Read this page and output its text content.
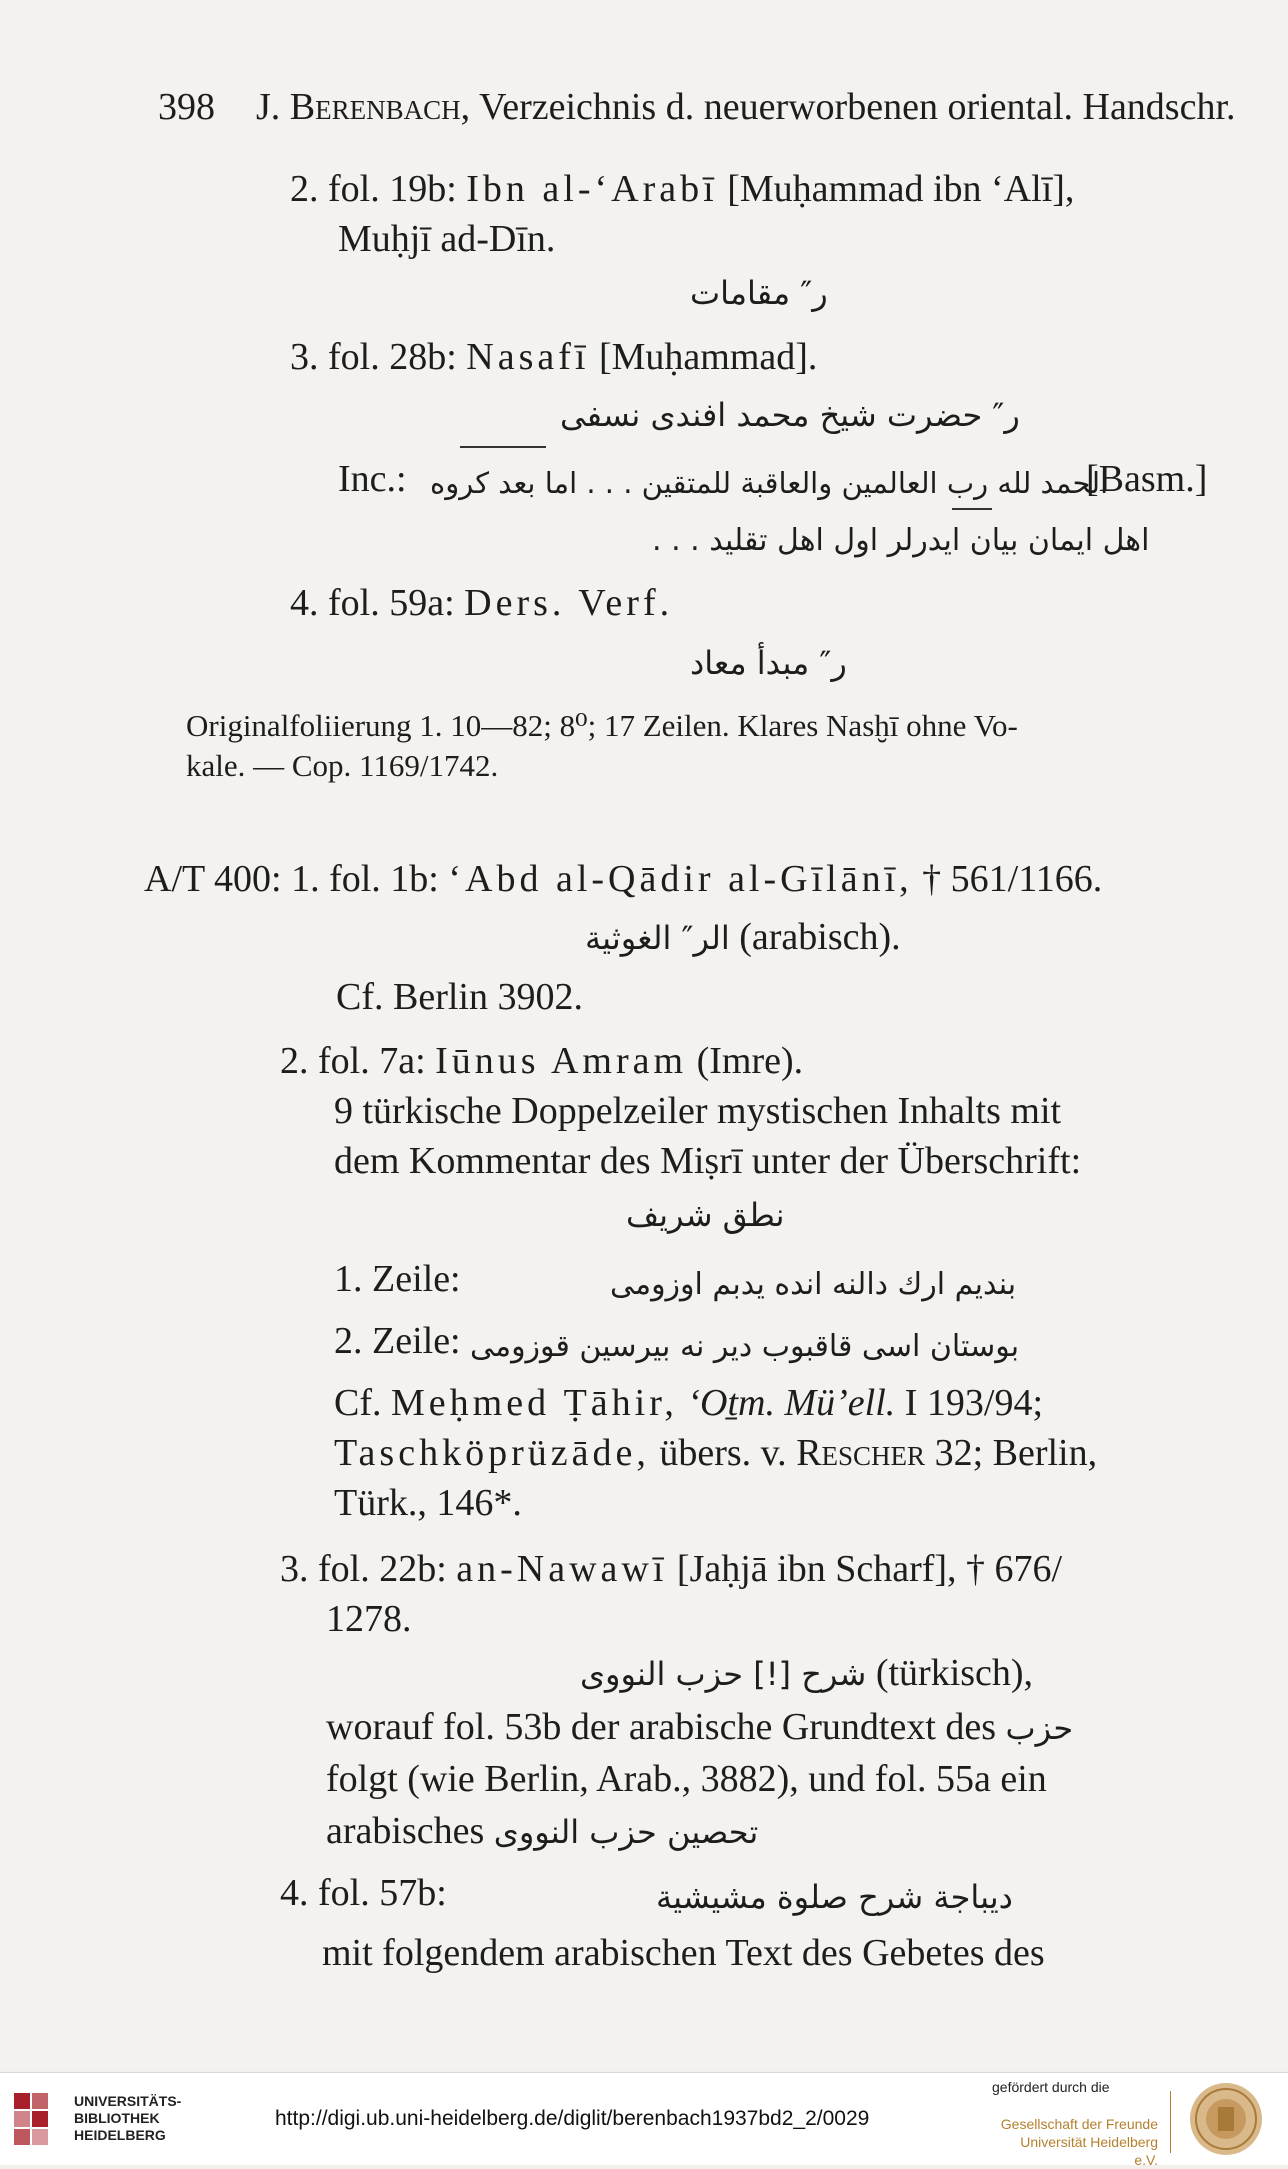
398 J. Berenbach, Verzeichnis d. neuerworbenen oriental. Handschr.
2. fol. 19b: Ibn al-‘Arabī [Muḥammad ibn ‘Alī],
Muḥjī ad-Dīn.
ر″ مقامات
3. fol. 28b: Nasafī [Muḥammad].
ر″ حضرت شيخ محمد افندى نسفى
Inc.: الحمد لله رب العالمين والعاقبة للمتقين . . . اما بعد كروه
[Basm.]
اهل ايمان بيان ايدرلر اول اهل تقليد . . .
4. fol. 59a: Ders. Verf.
ر″ مبدأ معاد
Originalfoliierung 1. 10—82; 8⁰; 17 Zeilen. Klares Nasḫī ohne Vo-
kale. — Cop. 1169/1742.
A/T 400: 1. fol. 1b: ‘Abd al-Qādir al-Gīlānī, † 561/1166.
الر″ الغوثية (arabisch).
Cf. Berlin 3902.
2. fol. 7a: Iūnus Amram (Imre).
9 türkische Doppelzeiler mystischen Inhalts mit
dem Kommentar des Miṣrī unter der Überschrift:
نطق شريف
1. Zeile:	بنديم ارك دالنه انده يدبم اوزومى
2. Zeile: بوستان اسى قاقبوب دير نه بيرسين قوزومى
Cf. Meḥmed Ṭāhir, ‘Oṯm. Mü’ell. I 193/94;
Taschköprüzāde, übers. v. Rescher 32; Berlin,
Türk., 146*.
3. fol. 22b: an-Nawawī [Jaḥjā ibn Scharf], † 676/
1278.
شرح [!] حزب النووى (türkisch),
worauf fol. 53b der arabische Grundtext des حزب
folgt (wie Berlin, Arab., 3882), und fol. 55a ein
arabisches تحصين حزب النووى
4. fol. 57b:	ديباجة شرح صلوة مشيشية
mit folgendem arabischen Text des Gebetes des
UNIVERSITÄTS-
BIBLIOTHEK
HEIDELBERG
http://digi.ub.uni-heidelberg.de/diglit/berenbach1937bd2_2/0029
gefördert durch die
Gesellschaft der Freunde
Universität Heidelberg e.V.
